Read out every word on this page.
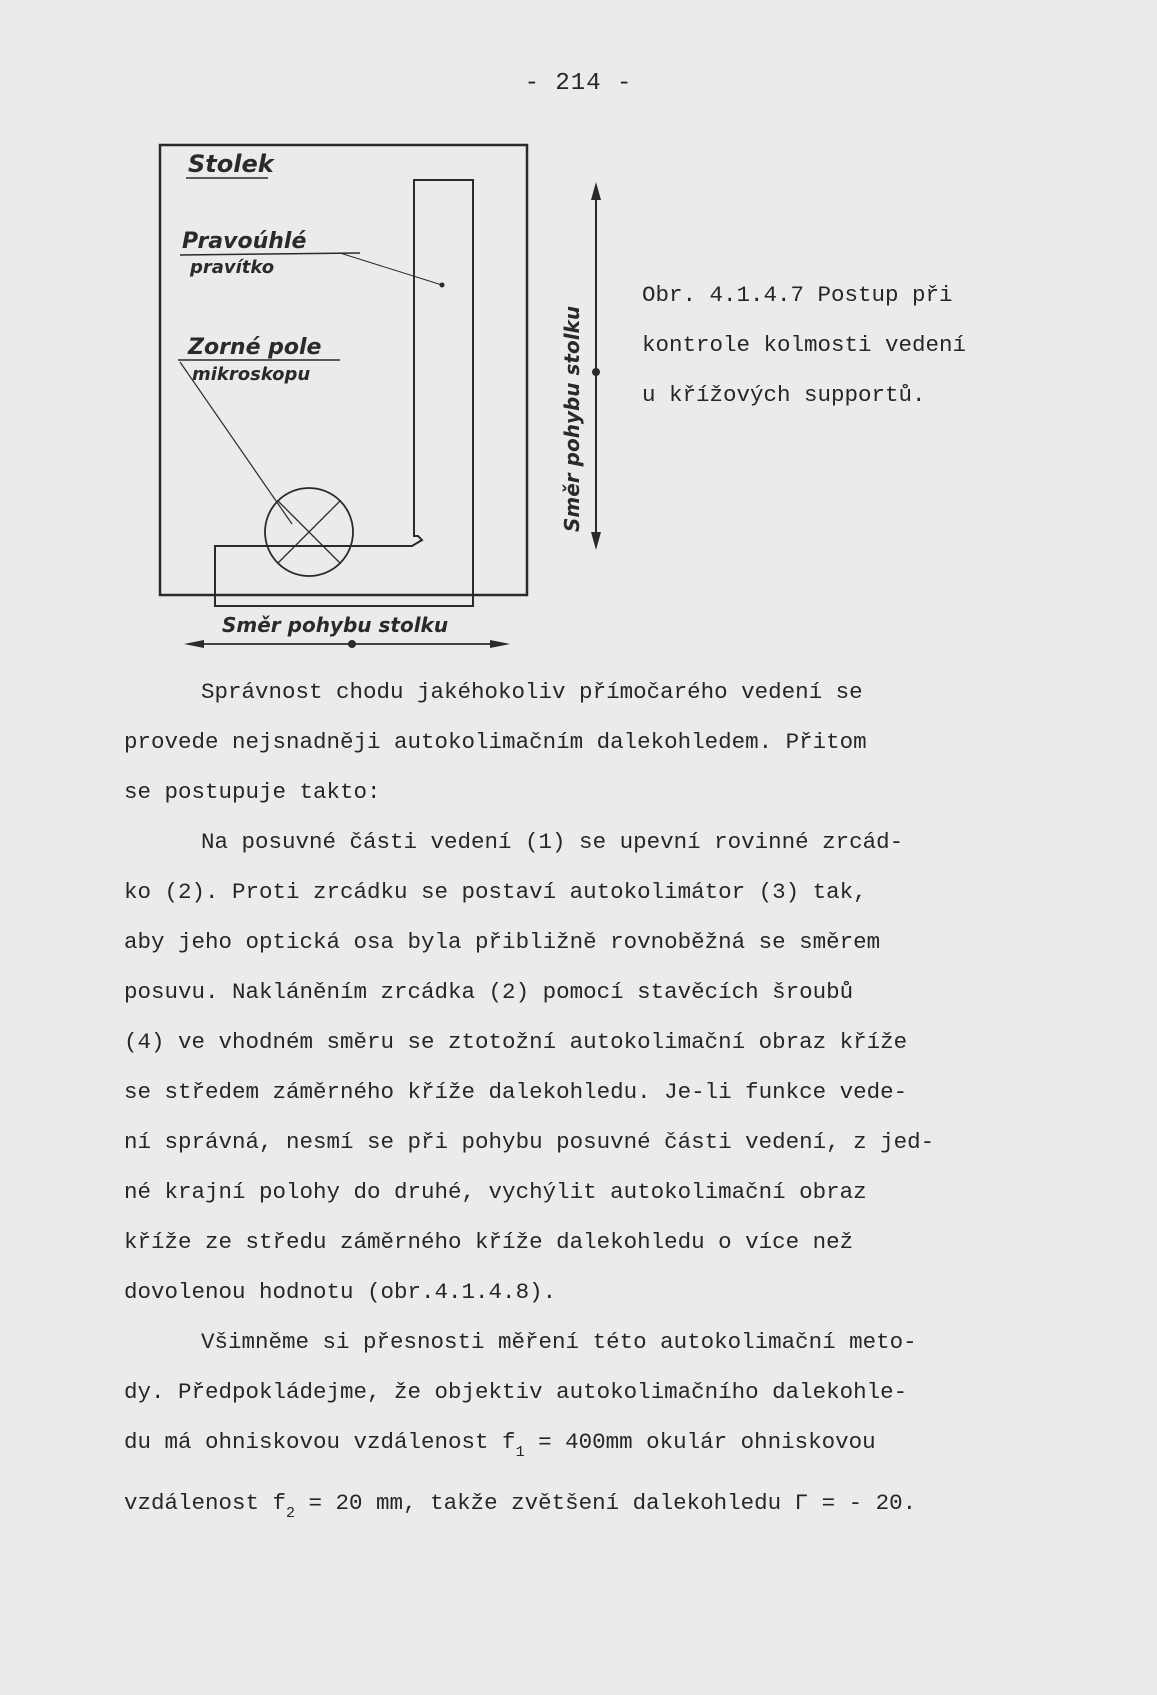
- 214 -
Stolek
Pravoúhlé
pravítko
Zorné pole
mikroskopu	Směr pohybu stolku
Směr pohybu stolku
Obr. 4.1.4.7 Postup při
kontrole kolmosti vedení
u křížových supportů.
Správnost chodu jakéhokoliv přímočarého vedení se
provede nejsnadněji autokolimačním dalekohledem. Přitom
se postupuje takto:
Na posuvné části vedení (1) se upevní rovinné zrcád-
ko (2). Proti zrcádku se postaví autokolimátor (3) tak,
aby jeho optická osa byla přibližně rovnoběžná se směrem
posuvu. Nakláněním zrcádka (2) pomocí stavěcích šroubů
(4) ve vhodném směru se ztotožní autokolimační obraz kříže
se středem záměrného kříže dalekohledu. Je-li funkce vede-
ní správná, nesmí se při pohybu posuvné části vedení, z jed-
né krajní polohy do druhé, vychýlit autokolimační obraz
kříže ze středu záměrného kříže dalekohledu o více než
dovolenou hodnotu (obr.4.1.4.8).
Všimněme si přesnosti měření této autokolimační meto-
dy. Předpokládejme, že objektiv autokolimačního dalekohle-
du má ohniskovou vzdálenost $f_1 = 400mm$ okulár ohniskovou
vzdálenost $f_2 = 20$ mm, takže zvětšení dalekohledu Γ = - 20.
